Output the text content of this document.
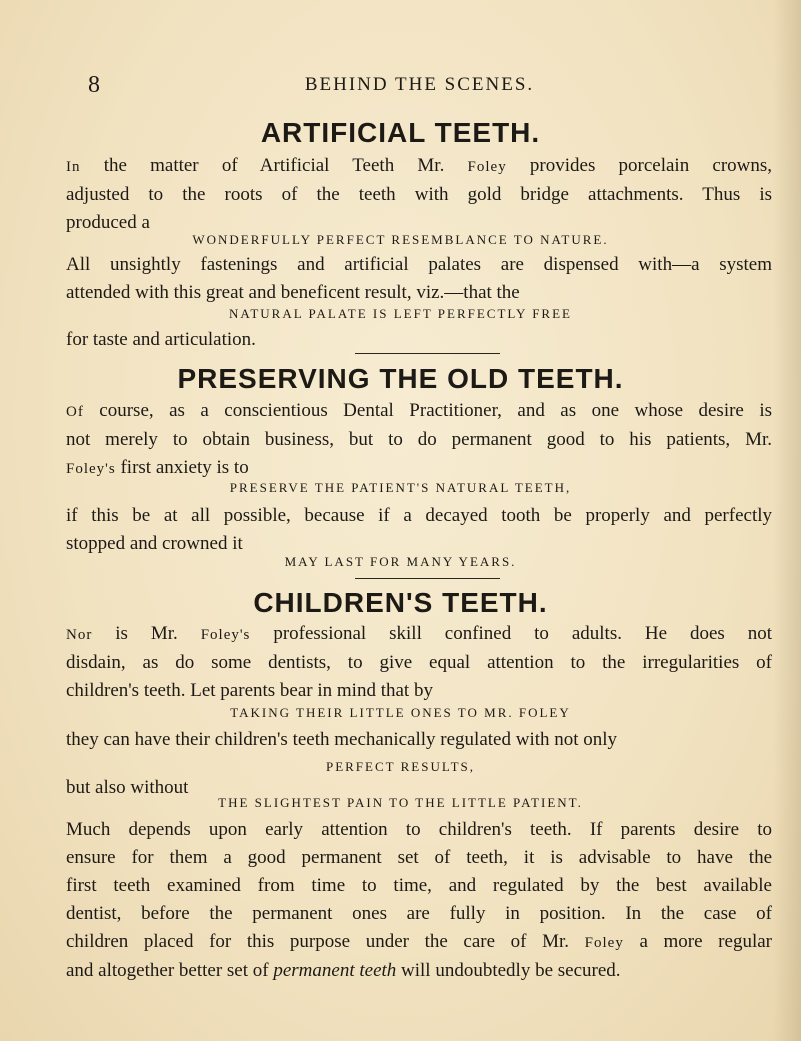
8	BEHIND THE SCENES.
ARTIFICIAL TEETH.
In the matter of Artificial Teeth Mr. Foley provides porcelain crowns,
adjusted to the roots of the teeth with gold bridge attachments. Thus is
produced a
WONDERFULLY PERFECT RESEMBLANCE TO NATURE.
All unsightly fastenings and artificial palates are dispensed with—a system
attended with this great and beneficent result, viz.—that the
NATURAL PALATE IS LEFT PERFECTLY FREE
for taste and articulation.
PRESERVING THE OLD TEETH.
Of course, as a conscientious Dental Practitioner, and as one whose desire is
not merely to obtain business, but to do permanent good to his patients, Mr.
Foley's first anxiety is to
PRESERVE THE PATIENT'S NATURAL TEETH,
if this be at all possible, because if a decayed tooth be properly and perfectly
stopped and crowned it
MAY LAST FOR MANY YEARS.
CHILDREN'S TEETH.
Nor is Mr. Foley's professional skill confined to adults. He does not
disdain, as do some dentists, to give equal attention to the irregularities of
children's teeth. Let parents bear in mind that by
TAKING THEIR LITTLE ONES TO MR. FOLEY
they can have their children's teeth mechanically regulated with not only
PERFECT RESULTS,
but also without
THE SLIGHTEST PAIN TO THE LITTLE PATIENT.
Much depends upon early attention to children's teeth. If parents desire to
ensure for them a good permanent set of teeth, it is advisable to have the
first teeth examined from time to time, and regulated by the best available
dentist, before the permanent ones are fully in position. In the case of
children placed for this purpose under the care of Mr. Foley a more regular
and altogether better set of permanent teeth will undoubtedly be secured.
